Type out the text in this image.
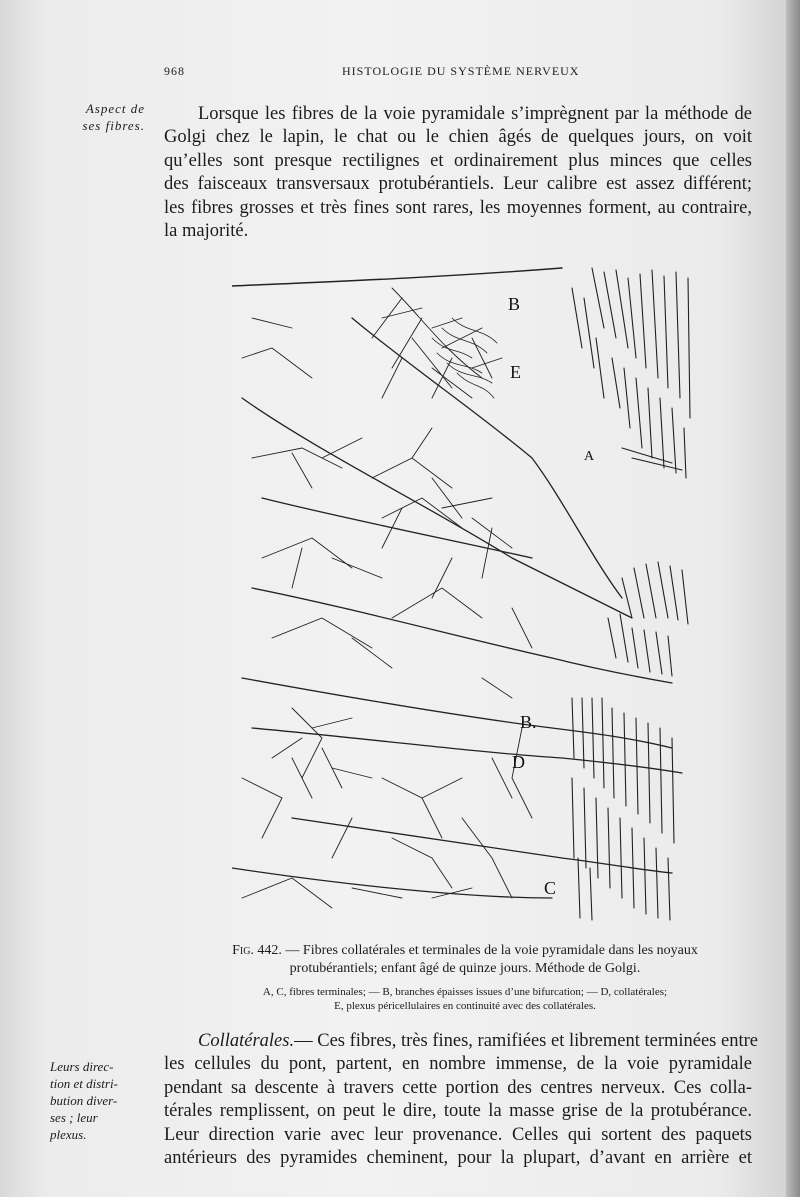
968	HISTOLOGIE DU SYSTÈME NERVEUX
Aspect de
ses fibres.
Lorsque les fibres de la voie pyramidale s’imprègnent par la méthode de
Golgi chez le lapin, le chat ou le chien âgés de quelques jours, on voit
qu’elles sont presque rectilignes et ordinairement plus minces que celles
des faisceaux transversaux protubérantiels. Leur calibre est assez différent;
les fibres grosses et très fines sont rares, les moyennes forment, au contraire,
la majorité.
B
E
A
B.
D
C
Fig. 442. — Fibres collatérales et terminales de la voie pyramidale dans les noyaux
protubérantiels; enfant âgé de quinze jours. Méthode de Golgi.
A, C, fibres terminales; — B, branches épaisses issues d’une bifurcation; — D, collatérales;
E, plexus péricellulaires en continuité avec des collatérales.
Leurs direc-
tion et distri-
bution diver-
ses ; leur
plexus.
Collatérales.— Ces fibres, très fines, ramifiées et librement terminées entre
les cellules du pont, partent, en nombre immense, de la voie pyramidale
pendant sa descente à travers cette portion des centres nerveux. Ces colla-
térales remplissent, on peut le dire, toute la masse grise de la protubérance.
Leur direction varie avec leur provenance. Celles qui sortent des paquets
antérieurs des pyramides cheminent, pour la plupart, d’avant en arrière et
